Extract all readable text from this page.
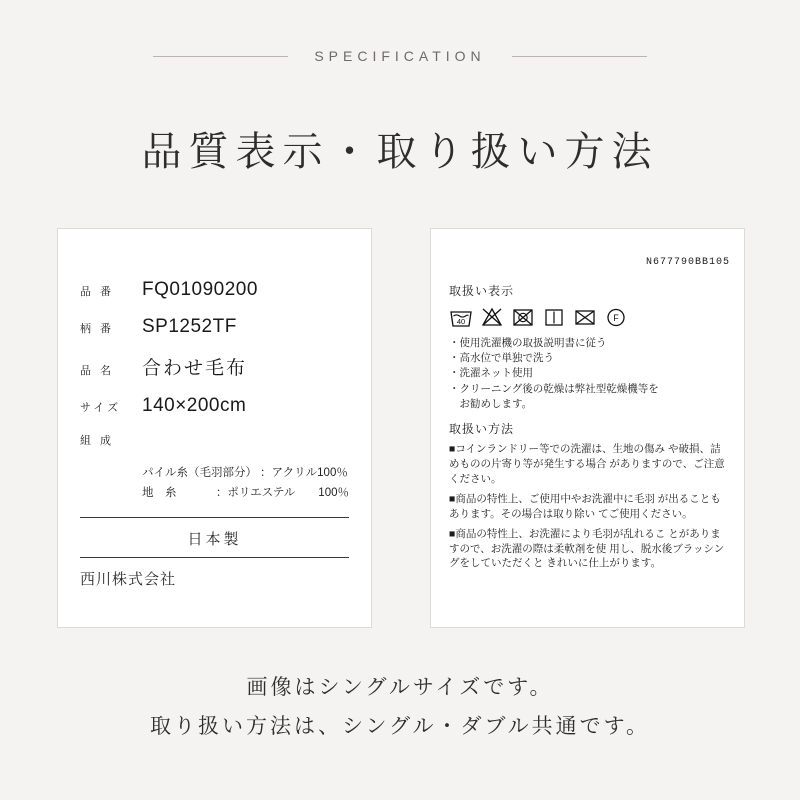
SPECIFICATION
品質表示・取り扱い方法
品 番	FQ01090200
柄 番	SP1252TF
品 名	合わせ毛布
サイズ	140×200cm
組 成
パイル糸（毛羽部分） ：アクリル100％
地　糸	：ポリエステル　　100％
日本製
西川株式会社
N677790BB105
取扱い表示
40	F
・使用洗濯機の取扱説明書に従う
・高水位で単独で洗う
・洗濯ネット使用
・クリーニング後の乾燥は弊社型乾燥機等を
　お勧めします。
取扱い方法

■コインランドリー等での洗濯は、生地の傷み や破損、詰めものの片寄り等が発生する場合 がありますので、ご注意ください。

■商品の特性上、ご使用中やお洗濯中に毛羽 が出ることもあります。その場合は取り除い てご使用ください。

■商品の特性上、お洗濯により毛羽が乱れるこ とがありますので、お洗濯の際は柔軟剤を使 用し、脱水後ブラッシングをしていただくと きれいに仕上がります。

画像はシングルサイズです。
取り扱い方法は、シングル・ダブル共通です。
